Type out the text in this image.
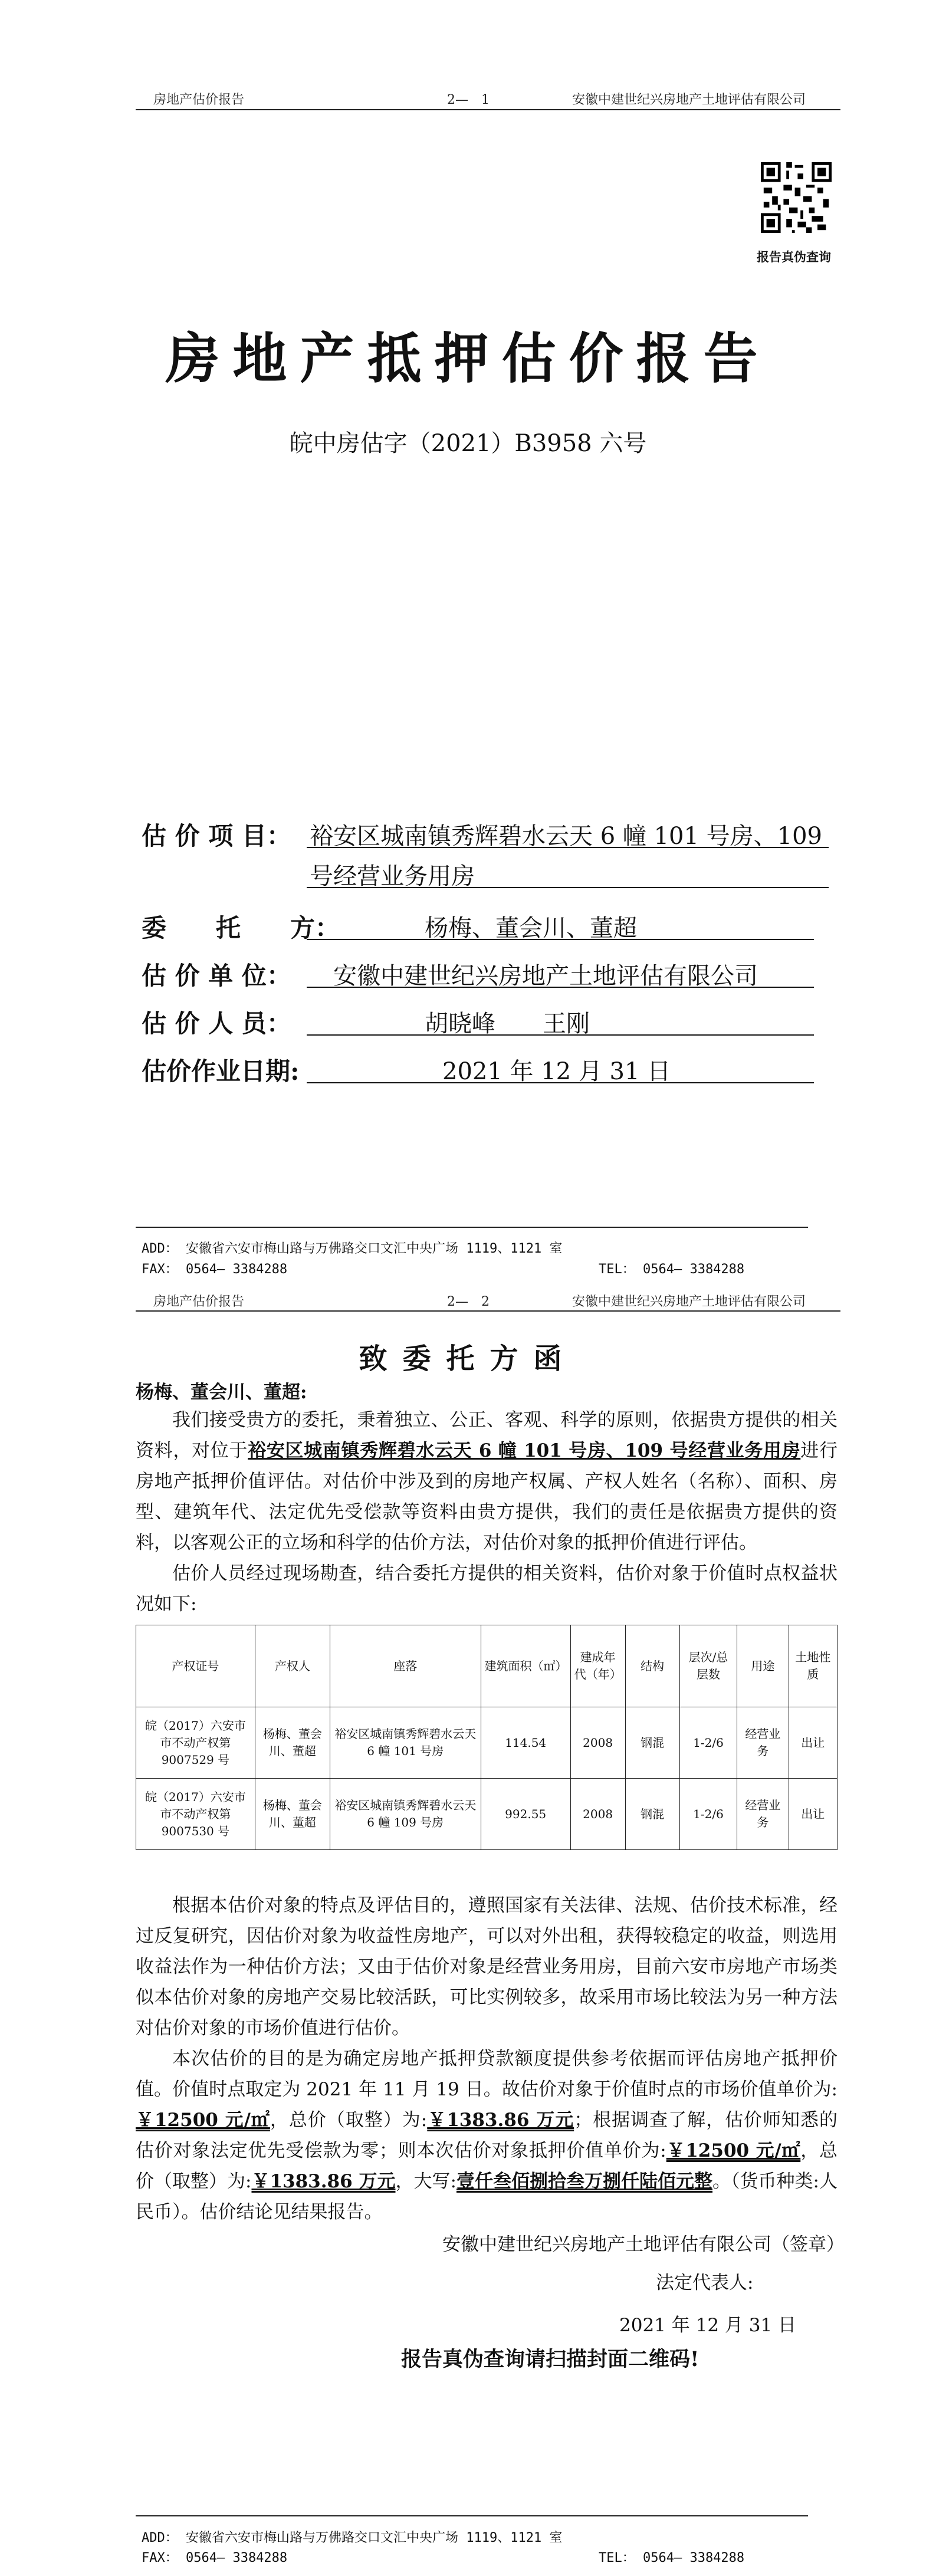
房地产估价报告	2—　1	安徽中建世纪兴房地产土地评估有限公司
报告真伪查询
房地产抵押估价报告
皖中房估字（2021）B3958 六号
估 价 项 目： 裕安区城南镇秀辉碧水云天 6 幢 101 号房、109
号经营业务用房
委　　托　　方：	杨梅、董会川、董超
估 价 单 位： 安徽中建世纪兴房地产土地评估有限公司
估 价 人 员：	胡晓峰　　王刚
估价作业日期:	2021 年 12 月 31 日
ADD： 安徽省六安市梅山路与万佛路交口文汇中央广场 1119、1121 室
FAX： 0564— 3384288	TEL： 0564— 3384288
房地产估价报告	2—　2	安徽中建世纪兴房地产土地评估有限公司
致委托方函
杨梅、董会川、董超:
我们接受贵方的委托，秉着独立、公正、客观、科学的原则，依据贵方提供的相关资料，对位于裕安区城南镇秀辉碧水云天 6 幢 101 号房、109 号经营业务用房进行房地产抵押价值评估。对估价中涉及到的房地产权属、产权人姓名（名称）、面积、房型、建筑年代、法定优先受偿款等资料由贵方提供，我们的责任是依据贵方提供的资料，以客观公正的立场和科学的估价方法，对估价对象的抵押价值进行评估。
估价人员经过现场勘查，结合委托方提供的相关资料，估价对象于价值时点权益状况如下:
产权证号	产权人	座落	建筑面积（㎡）	建成年代（年）	结构	层次/总层数	用途	土地性质
皖（2017）六安市市不动产权第 9007529 号	杨梅、董会川、董超	裕安区城南镇秀辉碧水云天 6 幢 101 号房	114.54	2008	钢混	1-2/6	经营业务	出让
皖（2017）六安市市不动产权第 9007530 号	杨梅、董会川、董超	裕安区城南镇秀辉碧水云天 6 幢 109 号房	992.55	2008	钢混	1-2/6	经营业务	出让
根据本估价对象的特点及评估目的，遵照国家有关法律、法规、估价技术标准，经过反复研究，因估价对象为收益性房地产，可以对外出租，获得较稳定的收益，则选用收益法作为一种估价方法；又由于估价对象是经营业务用房，目前六安市房地产市场类似本估价对象的房地产交易比较活跃，可比实例较多，故采用市场比较法为另一种方法对估价对象的市场价值进行估价。
本次估价的目的是为确定房地产抵押贷款额度提供参考依据而评估房地产抵押价值。价值时点取定为 2021 年 11 月 19 日。故估价对象于价值时点的市场价值单价为:￥12500 元/㎡，总价（取整）为:￥1383.86 万元；根据调查了解，估价师知悉的估价对象法定优先受偿款为零；则本次估价对象抵押价值单价为:￥12500 元/㎡，总价（取整）为:￥1383.86 万元，大写:壹仟叁佰捌拾叁万捌仟陆佰元整。（货币种类:人民币）。估价结论见结果报告。
安徽中建世纪兴房地产土地评估有限公司（签章）
法定代表人:
2021 年 12 月 31 日
报告真伪查询请扫描封面二维码!
ADD： 安徽省六安市梅山路与万佛路交口文汇中央广场 1119、1121 室
FAX： 0564— 3384288	TEL： 0564— 3384288
